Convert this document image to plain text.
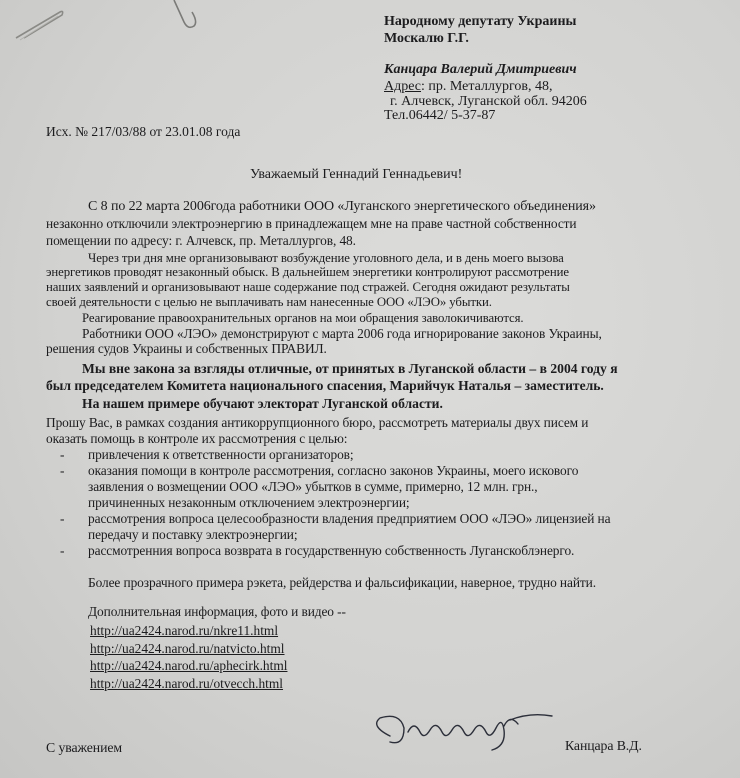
Народному депутату Украины
Москалю Г.Г.
Канцара Валерий Дмитриевич
Адрес: пр. Металлургов, 48,
г. Алчевск, Луганской обл. 94206
Тел.06442/ 5-37-87
Исх. № 217/03/88 от 23.01.08 года
Уважаемый Геннадий Геннадьевич!
С 8 по 22 марта 2006года работники ООО «Луганского энергетического объединения»
незаконно отключили электроэнергию в принадлежащем мне на праве частной собственности
помещении по адресу: г. Алчевск, пр. Металлургов, 48.
Через три дня мне организовывают возбуждение уголовного дела, и в день моего вызова
энергетиков проводят незаконный обыск. В дальнейшем энергетики контролируют рассмотрение
наших заявлений и организовывают наше содержание под стражей. Сегодня ожидают результаты
своей деятельности с целью не выплачивать нам нанесенные ООО «ЛЭО» убытки.
Реагирование правоохранительных органов на мои обращения заволокичиваются.
Работники ООО «ЛЭО» демонстрируют с марта 2006 года игнорирование законов Украины,
решения судов Украины и собственных ПРАВИЛ.
Мы вне закона за взгляды отличные, от принятых в Луганской области – в 2004 году я
был председателем Комитета национального спасения, Марийчук Наталья – заместитель.
На нашем примере обучают электорат Луганской области.
Прошу Вас, в рамках создания антикоррупционного бюро, рассмотреть материалы двух писем и
оказать помощь в контроле их рассмотрения с целью:
- привлечения к ответственности организаторов;
- оказания помощи в контроле рассмотрения, согласно законов Украины, моего искового
заявления о возмещении ООО «ЛЭО» убытков в сумме, примерно, 12 млн. грн.,
причиненных незаконным отключением электроэнергии;
- рассмотрения вопроса целесообразности владения предприятием ООО «ЛЭО» лицензией на
передачу и поставку электроэнергии;
- рассмотренния вопроса возврата в государственную собственность Луганскоблэнерго.
Более прозрачного примера рэкета, рейдерства и фальсификации, наверное, трудно найти.
Дополнительная информация, фото и видео --
http://ua2424.narod.ru/nkre11.html
http://ua2424.narod.ru/natvicto.html
http://ua2424.narod.ru/aphecirk.html
http://ua2424.narod.ru/otvecch.html
С уважением	Канцара В.Д.
